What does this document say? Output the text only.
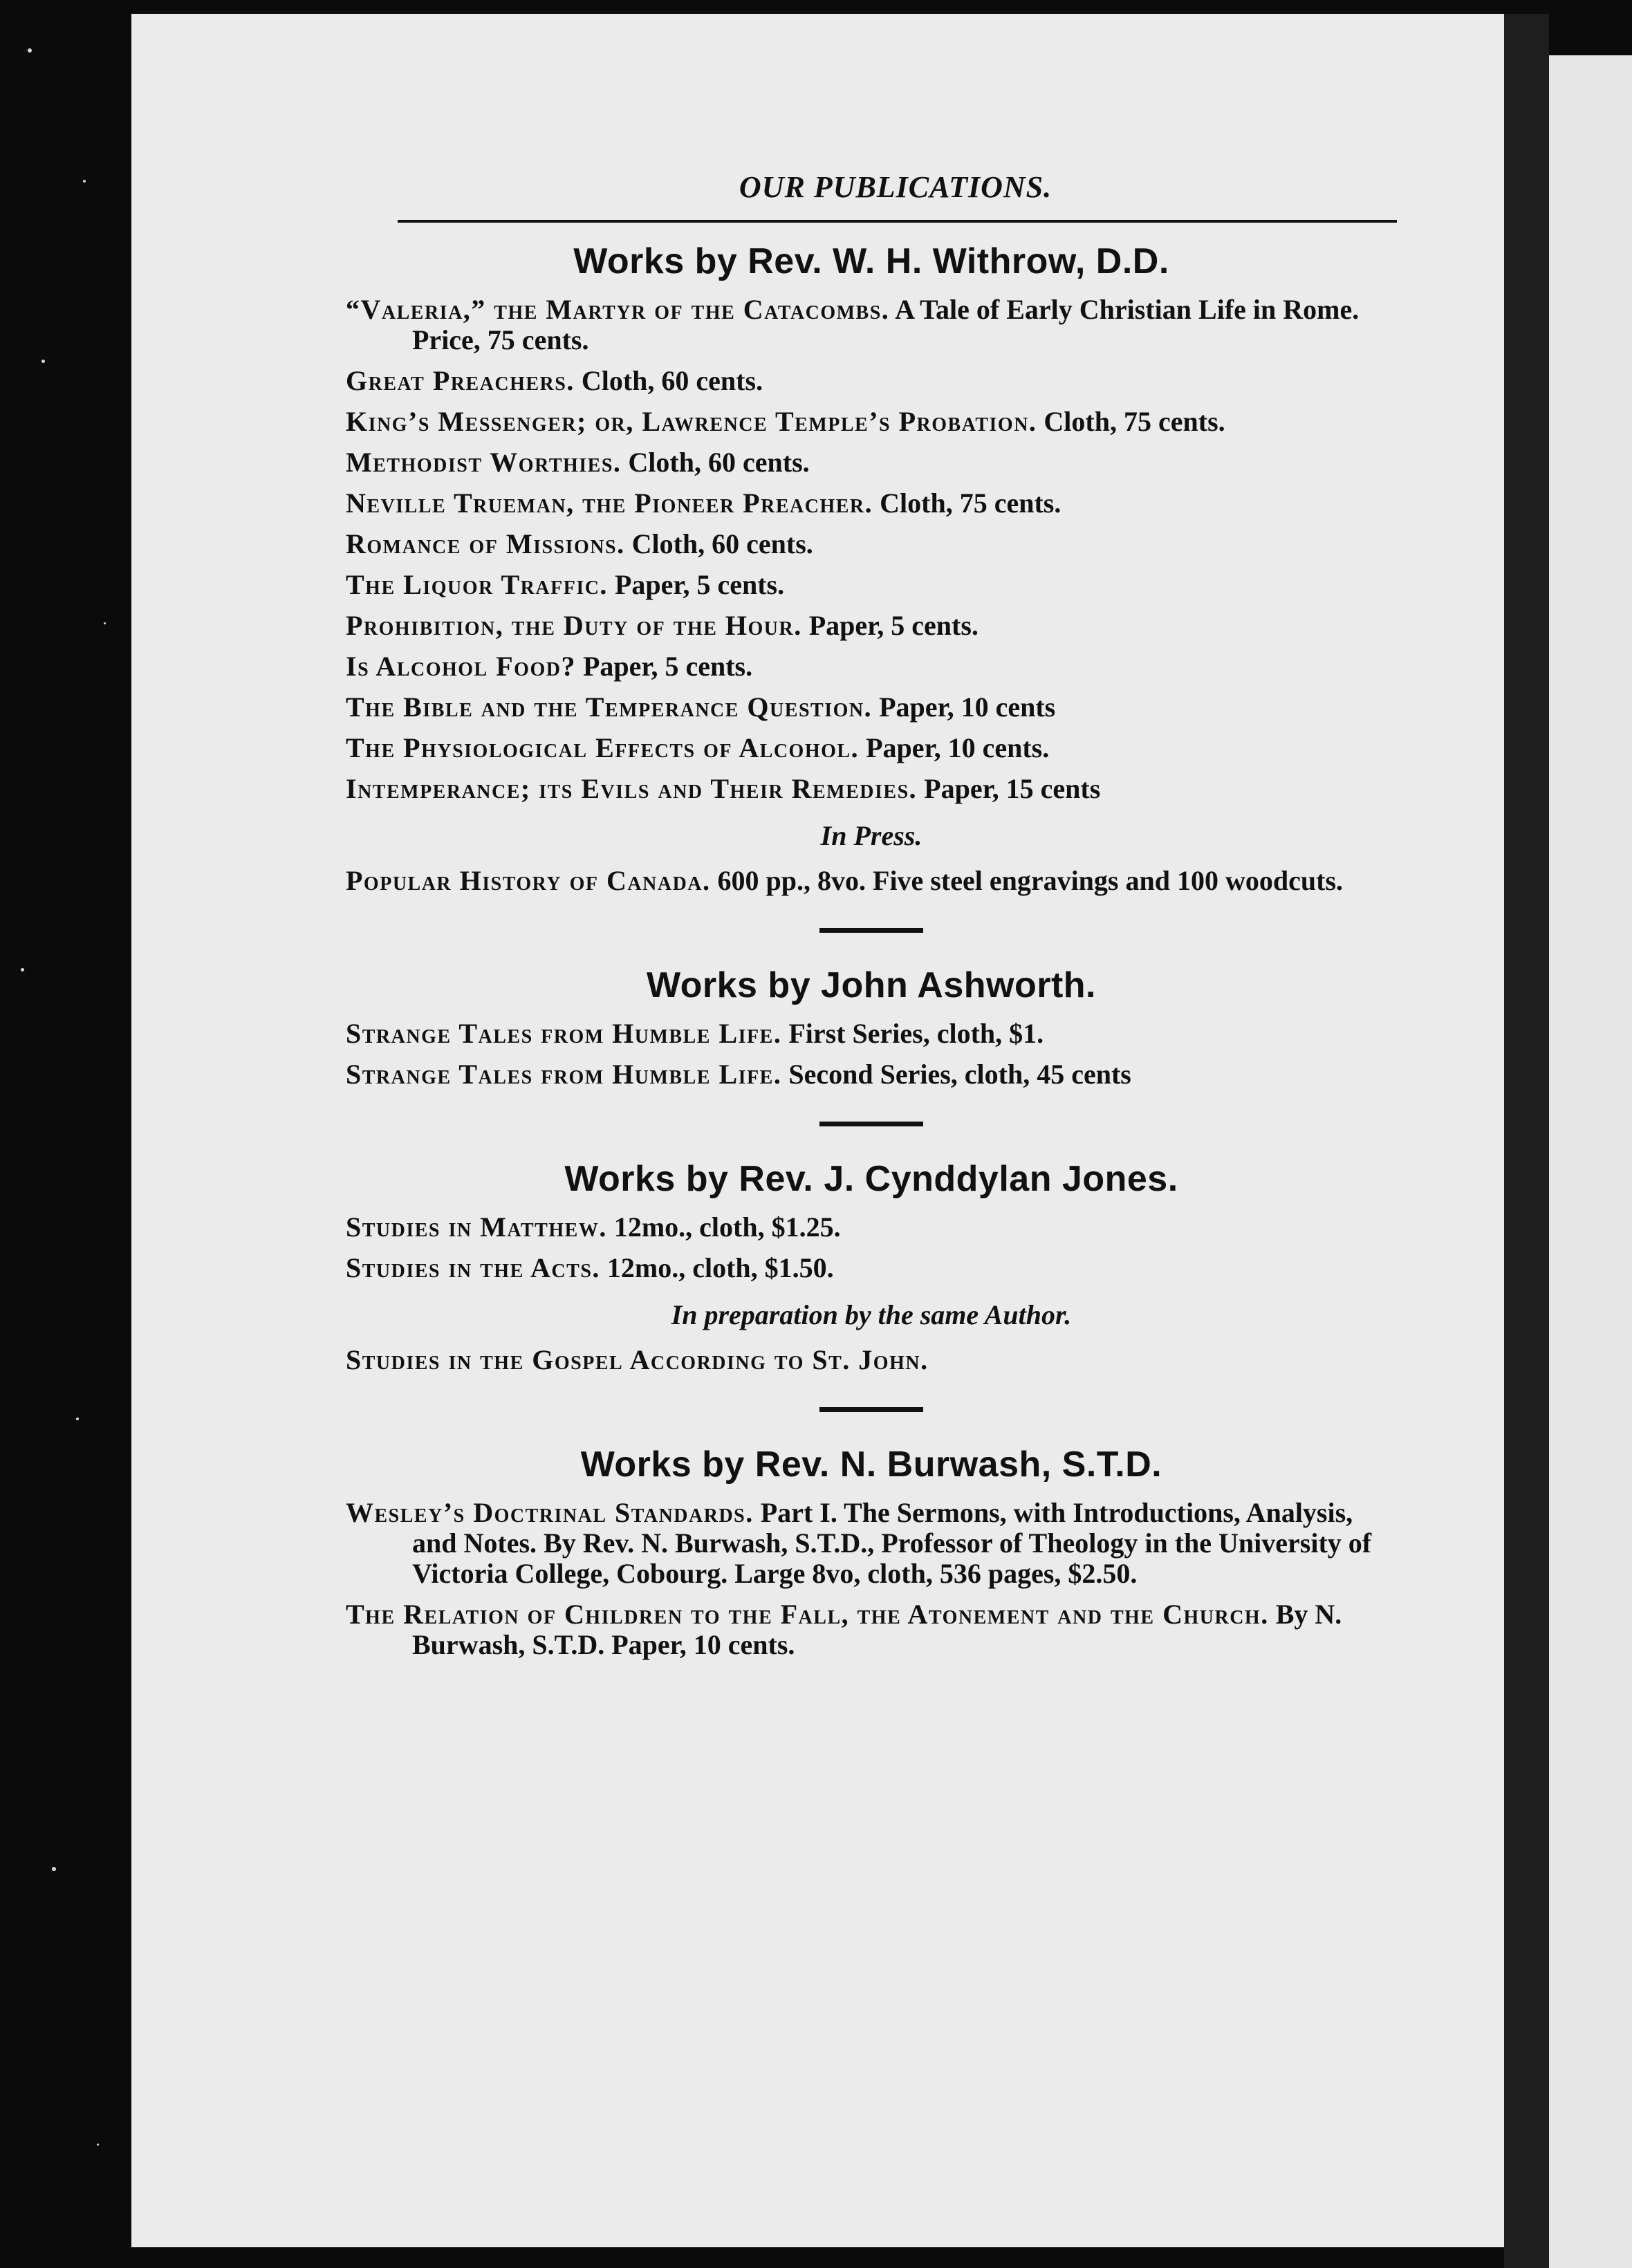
OUR PUBLICATIONS.
Works by Rev. W. H. Withrow, D.D.
“Valeria,” the Martyr of the Catacombs. A Tale of Early Christian Life in Rome. Price, 75 cents.
Great Preachers. Cloth, 60 cents.
King’s Messenger; or, Lawrence Temple’s Probation. Cloth, 75 cents.
Methodist Worthies. Cloth, 60 cents.
Neville Trueman, the Pioneer Preacher. Cloth, 75 cents.
Romance of Missions. Cloth, 60 cents.
The Liquor Traffic. Paper, 5 cents.
Prohibition, the Duty of the Hour. Paper, 5 cents.
Is Alcohol Food? Paper, 5 cents.
The Bible and the Temperance Question. Paper, 10 cents
The Physiological Effects of Alcohol. Paper, 10 cents.
Intemperance; its Evils and Their Remedies. Paper, 15 cents
In Press.
Popular History of Canada. 600 pp., 8vo. Five steel engravings and 100 woodcuts.
Works by John Ashworth.
Strange Tales from Humble Life. First Series, cloth, $1.
Strange Tales from Humble Life. Second Series, cloth, 45 cents
Works by Rev. J. Cynddylan Jones.
Studies in Matthew. 12mo., cloth, $1.25.
Studies in the Acts. 12mo., cloth, $1.50.
In preparation by the same Author.
Studies in the Gospel According to St. John.
Works by Rev. N. Burwash, S.T.D.
Wesley’s Doctrinal Standards. Part I. The Sermons, with Introductions, Analysis, and Notes. By Rev. N. Burwash, S.T.D., Professor of Theology in the University of Victoria College, Cobourg. Large 8vo, cloth, 536 pages, $2.50.
The Relation of Children to the Fall, the Atonement and the Church. By N. Burwash, S.T.D. Paper, 10 cents.
